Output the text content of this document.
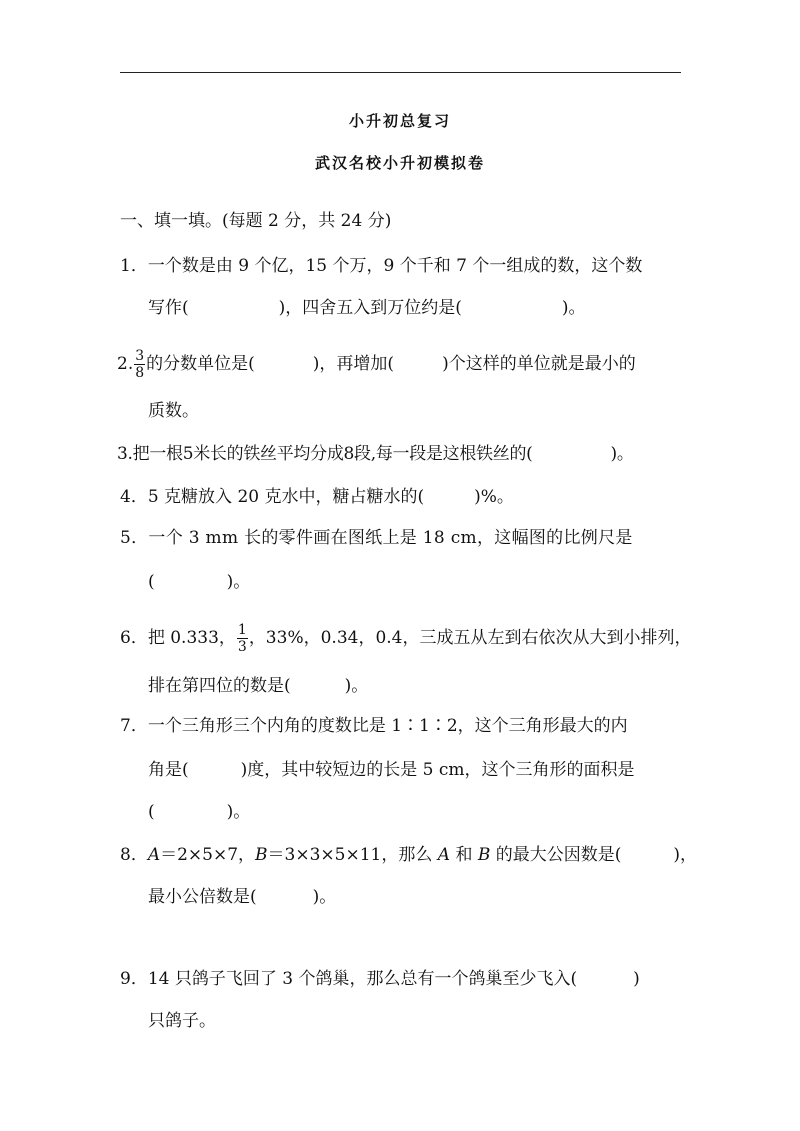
小升初总复习
武汉名校小升初模拟卷
一、填一填。(每题 2 分，共 24 分)
1．一个数是由 9 个亿，15 个万，9 个千和 7 个一组成的数，这个数
写作(	)，四舍五入到万位约是(	)。
2. $\frac{3}{8}$ 的分数单位是(	)，再增加(	)个这样的单位就是最小的
质数。
3.把一根5米长的铁丝平均分成8段,每一段是这根铁丝的(	)。
4．5 克糖放入 20 克水中，糖占糖水的(	)%。
5．一个 3 mm 长的零件画在图纸上是 18 cm，这幅图的比例尺是
(	)。
6．把 0.333， $\frac{1}{3}$ ，33%，0.34，0.4，三成五从左到右依次从大到小排列，
排在第四位的数是(	)。
7．一个三角形三个内角的度数比是 1∶1∶2，这个三角形最大的内
角是(	)度，其中较短边的长是 5 cm，这个三角形的面积是
(	)。
8．A＝2×5×7，B＝3×3×5×11，那么 A 和 B 的最大公因数是(	)，
最小公倍数是(	)。
9．14 只鸽子飞回了 3 个鸽巢，那么总有一个鸽巢至少飞入(	)
只鸽子。
